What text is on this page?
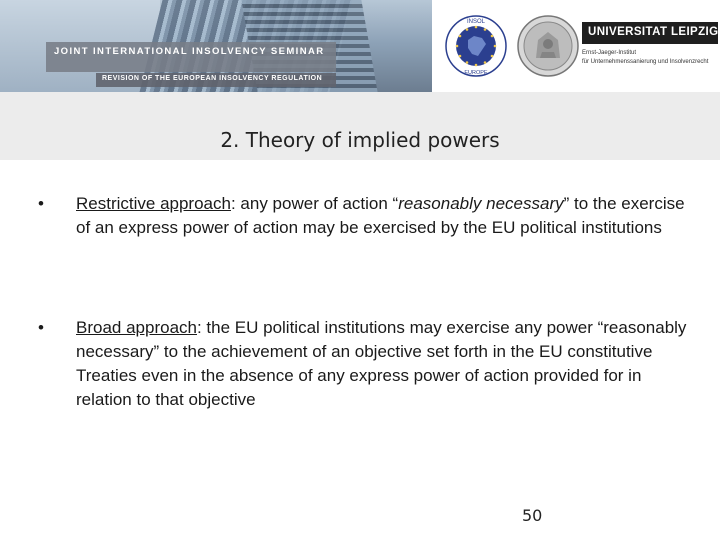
JOINT INTERNATIONAL INSOLVENCY SEMINAR
REVISION OF THE EUROPEAN INSOLVENCY REGULATION
INSOL
EUROPE
UNIVERSITAT LEIPZIG
Ernst-Jaeger-Institut
für Unternehmenssanierung und Insolvenzrecht
2. Theory of implied powers
• Restrictive approach: any power of action “reasonably necessary” to the exercise of an express power of action may be exercised by the EU political institutions
• Broad approach: the EU political institutions may exercise any power “reasonably necessary” to the achievement of an objective set forth in the EU constitutive Treaties even in the absence of any express power of action provided for in relation to that objective
50
